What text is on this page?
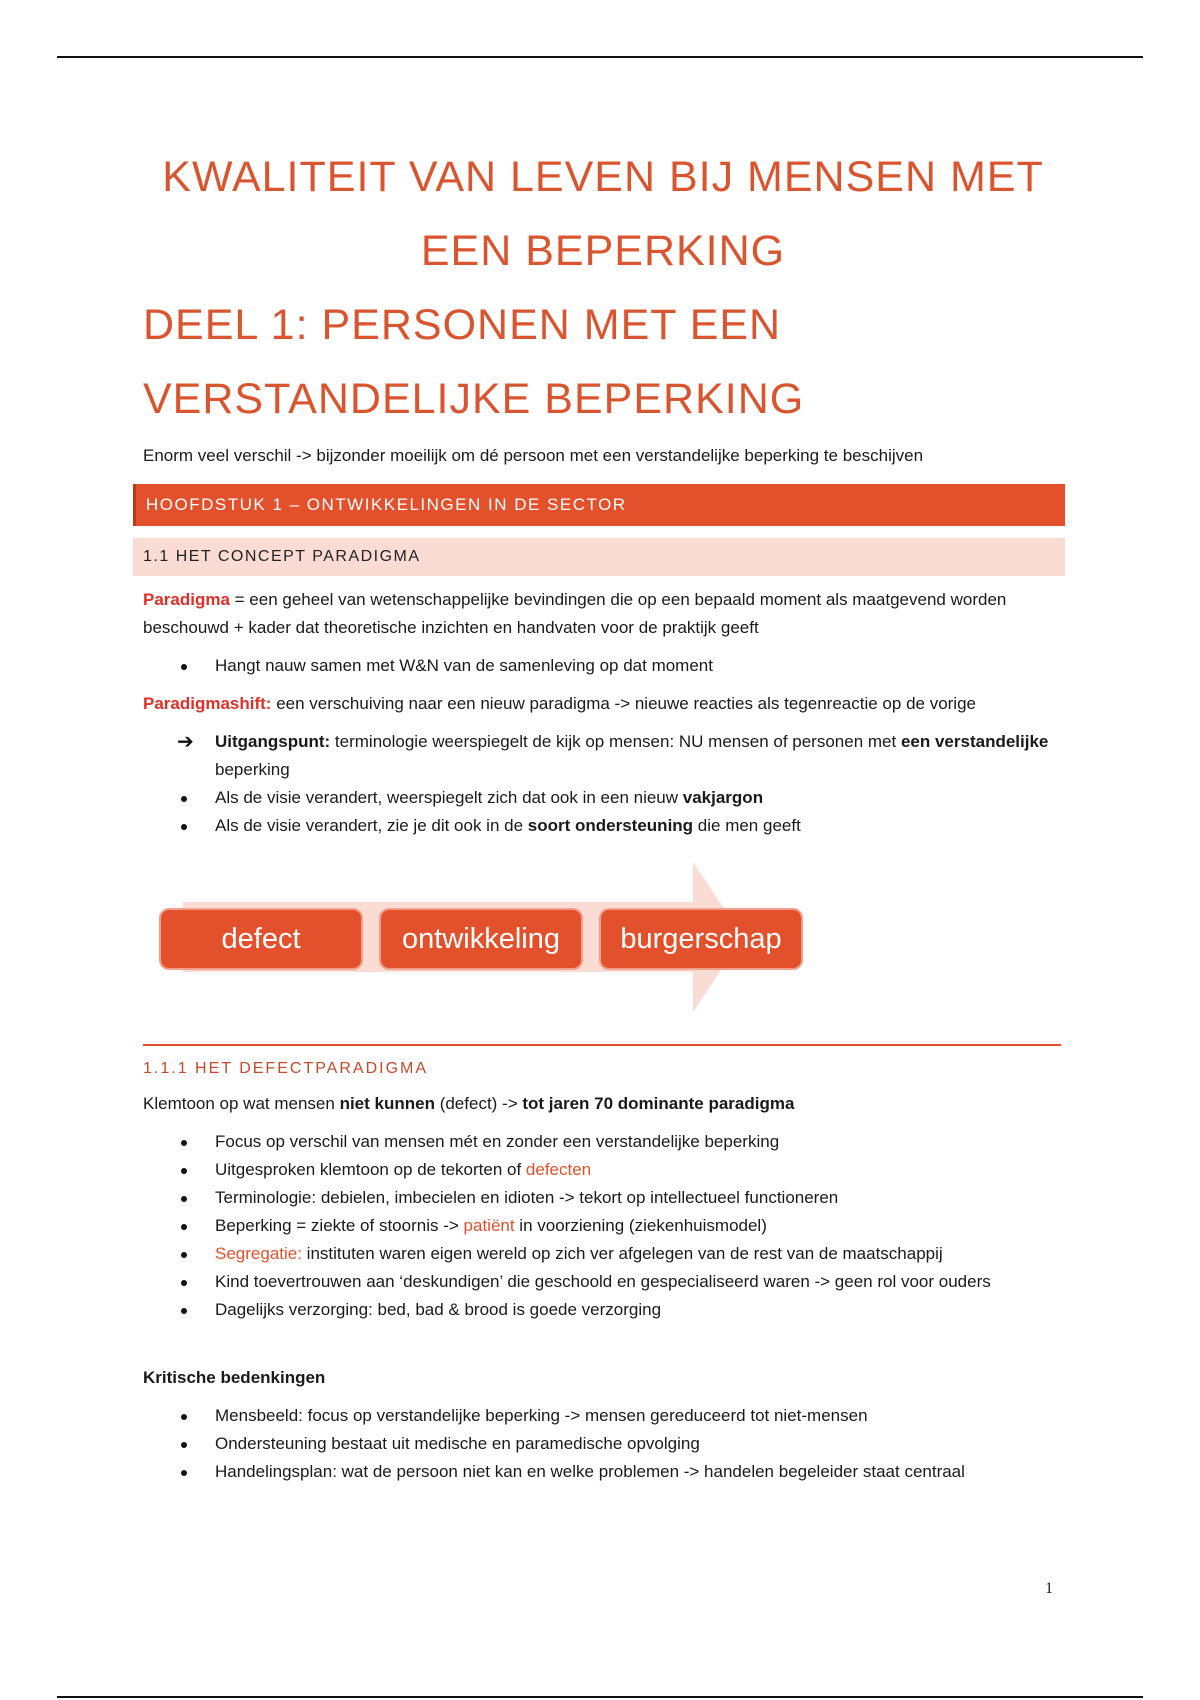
KWALITEIT VAN LEVEN BIJ MENSEN MET
EEN BEPERKING
DEEL 1: PERSONEN MET EEN
VERSTANDELIJKE BEPERKING

Enorm veel verschil -> bijzonder moeilijk om dé persoon met een verstandelijke beperking te beschijven

HOOFDSTUK 1 – ONTWIKKELINGEN IN DE SECTOR
1.1 HET CONCEPT PARADIGMA

Paradigma = een geheel van wetenschappelijke bevindingen die op een bepaald moment als maatgevend worden beschouwd + kader dat theoretische inzichten en handvaten voor de praktijk geeft

Hangt nauw samen met W&N van de samenleving op dat moment

Paradigmashift: een verschuiving naar een nieuw paradigma -> nieuwe reacties als tegenreactie op de vorige

➔ Uitgangspunt: terminologie weerspiegelt de kijk op mensen: NU mensen of personen met een verstandelijke beperking
Als de visie verandert, weerspiegelt zich dat ook in een nieuw vakjargon
Als de visie verandert, zie je dit ook in de soort ondersteuning die men geeft
defect	ontwikkeling	burgerschap
1.1.1 HET DEFECTPARADIGMA

Klemtoon op wat mensen niet kunnen (defect) -> tot jaren 70 dominante paradigma

Focus op verschil van mensen mét en zonder een verstandelijke beperking
Uitgesproken klemtoon op de tekorten of defecten
Terminologie: debielen, imbecielen en idioten -> tekort op intellectueel functioneren
Beperking = ziekte of stoornis -> patiënt in voorziening (ziekenhuismodel)
Segregatie: instituten waren eigen wereld op zich ver afgelegen van de rest van de maatschappij
Kind toevertrouwen aan ‘deskundigen’ die geschoold en gespecialiseerd waren -> geen rol voor ouders
Dagelijks verzorging: bed, bad & brood is goede verzorging

Kritische bedenkingen

Mensbeeld: focus op verstandelijke beperking -> mensen gereduceerd tot niet-mensen
Ondersteuning bestaat uit medische en paramedische opvolging
Handelingsplan: wat de persoon niet kan en welke problemen -> handelen begeleider staat centraal
1
